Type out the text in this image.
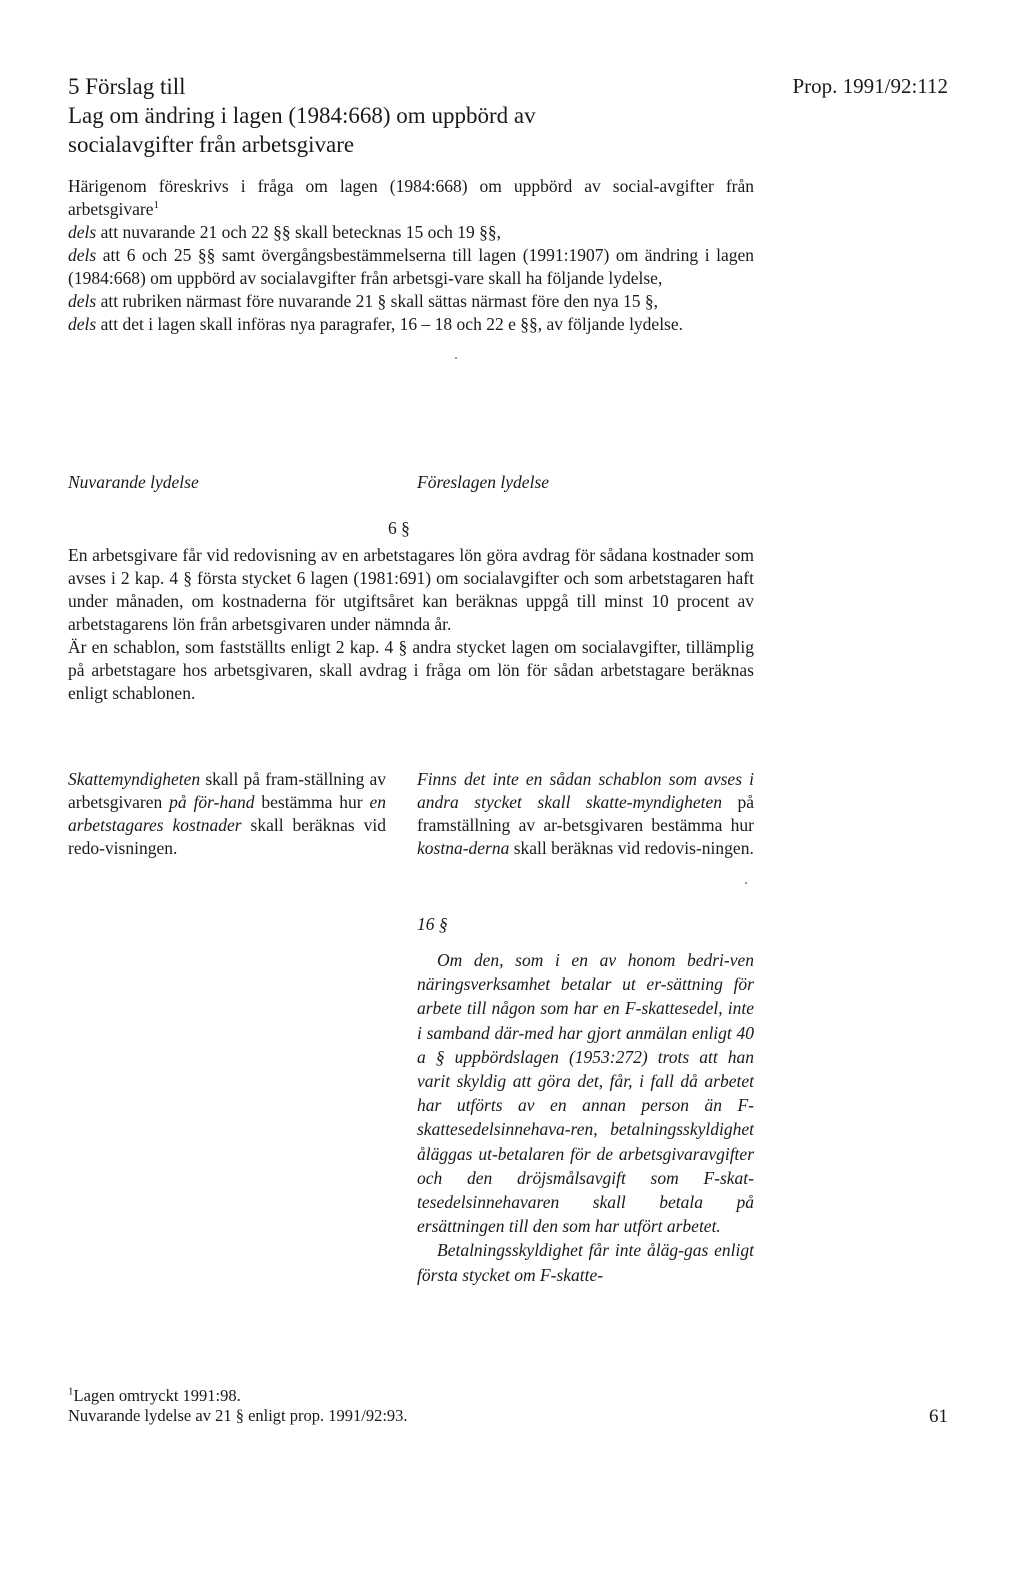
5 Förslag till
Lag om ändring i lagen (1984:668) om uppbörd av
socialavgifter från arbetsgivare
Prop. 1991/92:112

Härigenom föreskrivs i fråga om lagen (1984:668) om uppbörd av social-avgifter från arbetsgivare$^1$

dels att nuvarande 21 och 22 §§ skall betecknas 15 och 19 §§,

dels att 6 och 25 §§ samt övergångsbestämmelserna till lagen (1991:1907) om ändring i lagen (1984:668) om uppbörd av socialavgifter från arbetsgi-vare skall ha följande lydelse,

dels att rubriken närmast före nuvarande 21 § skall sättas närmast före den nya 15 §,

dels att det i lagen skall införas nya paragrafer, 16 – 18 och 22 e §§, av följande lydelse.

Nuvarande lydelse	Föreslagen lydelse
6 §

En arbetsgivare får vid redovisning av en arbetstagares lön göra avdrag för sådana kostnader som avses i 2 kap. 4 § första stycket 6 lagen (1981:691) om socialavgifter och som arbetstagaren haft under månaden, om kostnaderna för utgiftsåret kan beräknas uppgå till minst 10 procent av arbetstagarens lön från arbetsgivaren under nämnda år.

Är en schablon, som fastställts enligt 2 kap. 4 § andra stycket lagen om socialavgifter, tillämplig på arbetstagare hos arbetsgivaren, skall avdrag i fråga om lön för sådan arbetstagare beräknas enligt schablonen.

Skattemyndigheten skall på fram-ställning av arbetsgivaren på för-hand bestämma hur en arbetstagares kostnader skall beräknas vid redo-visningen.
Finns det inte en sådan schablon som avses i andra stycket skall skatte-myndigheten på framställning av ar-betsgivaren bestämma hur kostna-derna skall beräknas vid redovis-ningen.
16 §

Om den, som i en av honom bedri-ven näringsverksamhet betalar ut er-sättning för arbete till någon som har en F-skattesedel, inte i samband där-med har gjort anmälan enligt 40 a § uppbördslagen (1953:272) trots att han varit skyldig att göra det, får, i fall då arbetet har utförts av en annan person än F-skattesedelsinnehava-ren, betalningsskyldighet åläggas ut-betalaren för de arbetsgivaravgifter och den dröjsmålsavgift som F-skat-tesedelsinnehavaren skall betala på ersättningen till den som har utfört arbetet.

Betalningsskyldighet får inte åläg-gas enligt första stycket om F-skatte-

$^1$Lagen omtryckt 1991:98.
Nuvarande lydelse av 21 § enligt prop. 1991/92:93.	61
